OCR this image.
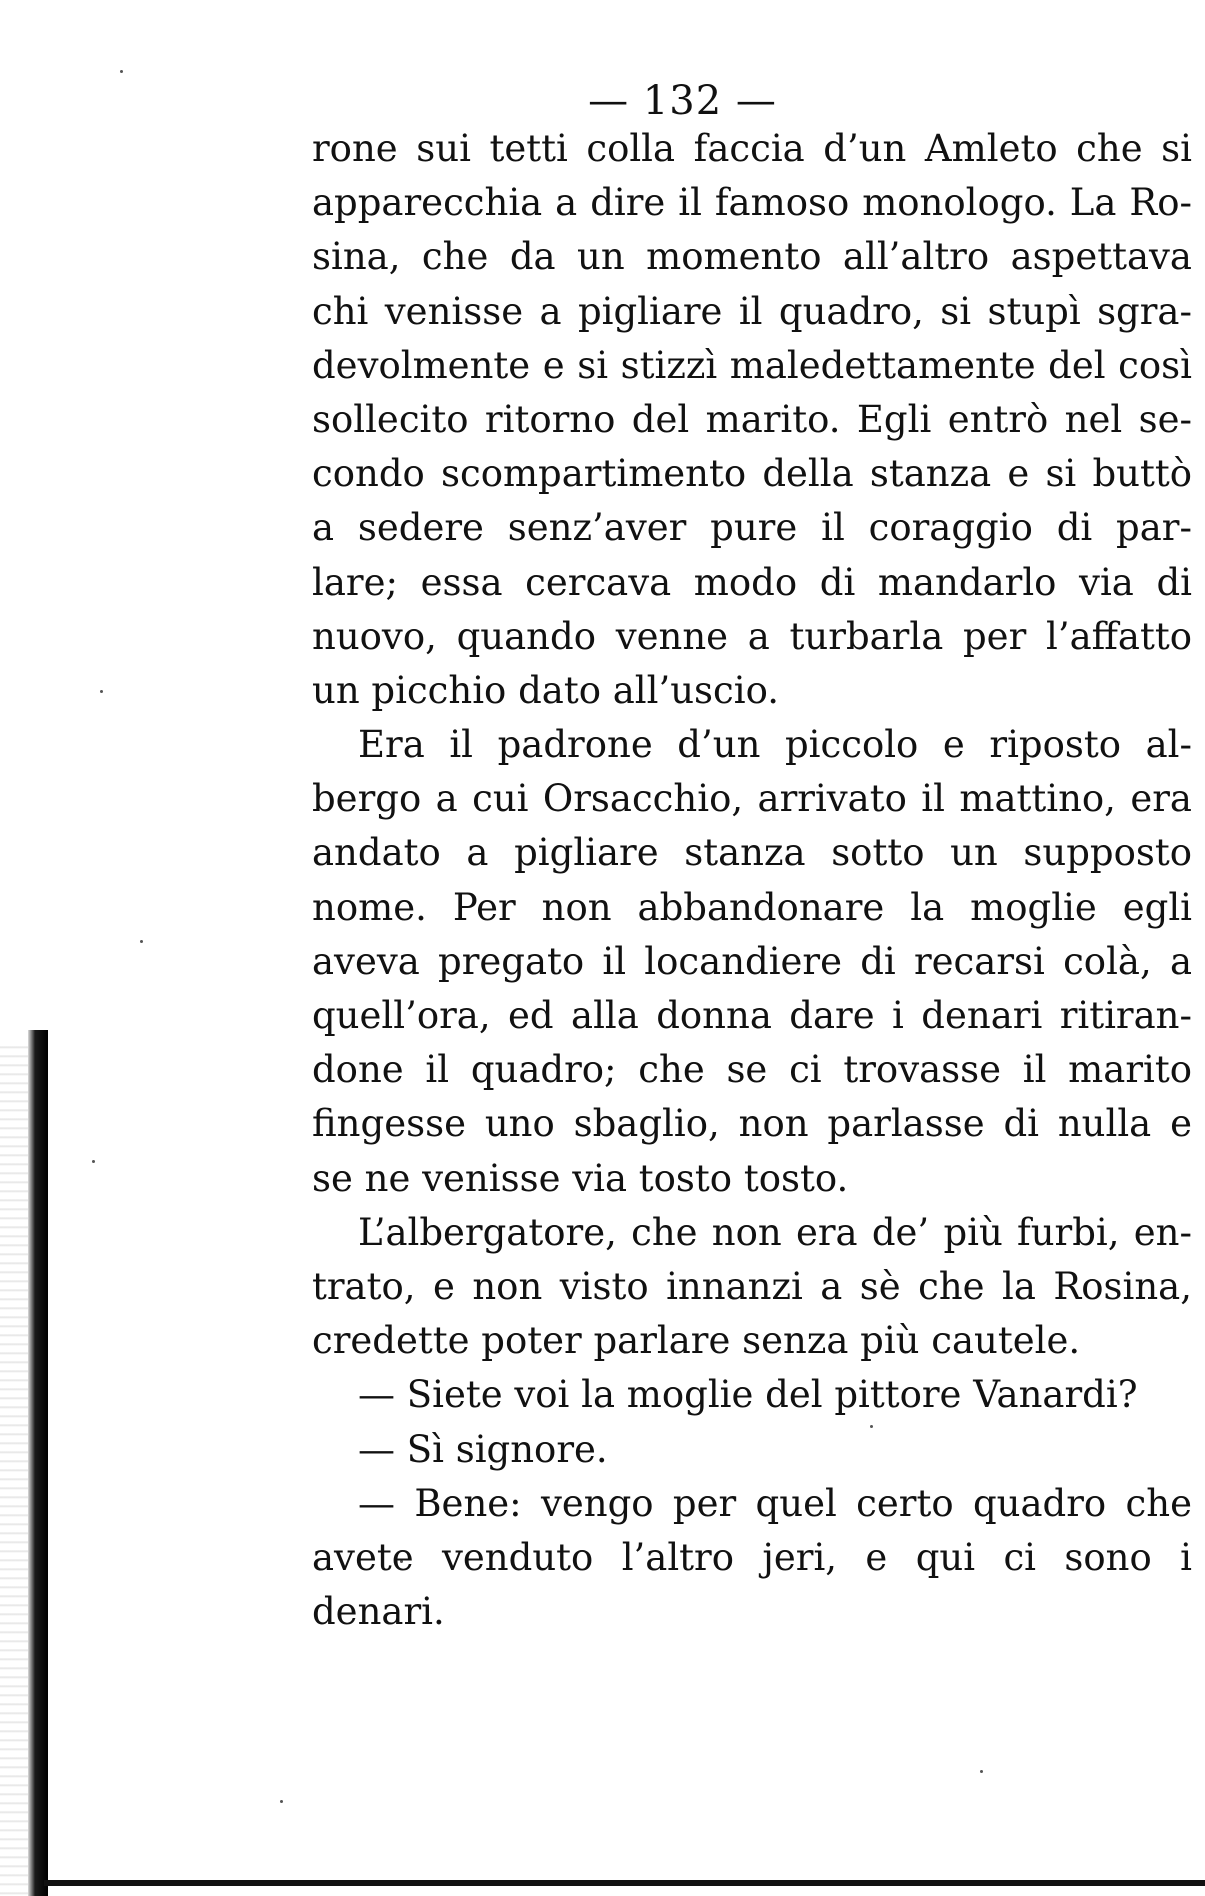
— 132 —
rone sui tetti colla faccia d’un Amleto che si
apparecchia a dire il famoso monologo. La Ro-
sina, che da un momento all’altro aspettava
chi venisse a pigliare il quadro, si stupì sgra-
devolmente e si stizzì maledettamente del così
sollecito ritorno del marito. Egli entrò nel se-
condo scompartimento della stanza e si buttò
a sedere senz’aver pure il coraggio di par-
lare; essa cercava modo di mandarlo via di
nuovo, quando venne a turbarla per l’affatto
un picchio dato all’uscio.
Era il padrone d’un piccolo e riposto al-
bergo a cui Orsacchio, arrivato il mattino, era
andato a pigliare stanza sotto un supposto
nome. Per non abbandonare la moglie egli
aveva pregato il locandiere di recarsi colà, a
quell’ora, ed alla donna dare i denari ritiran-
done il quadro; che se ci trovasse il marito
fingesse uno sbaglio, non parlasse di nulla e
se ne venisse via tosto tosto.
L’albergatore, che non era de’ più furbi, en-
trato, e non visto innanzi a sè che la Rosina,
credette poter parlare senza più cautele.
— Siete voi la moglie del pittore Vanardi?
— Sì signore.
— Bene: vengo per quel certo quadro che
avete venduto l’altro jeri, e qui ci sono i
denari.
